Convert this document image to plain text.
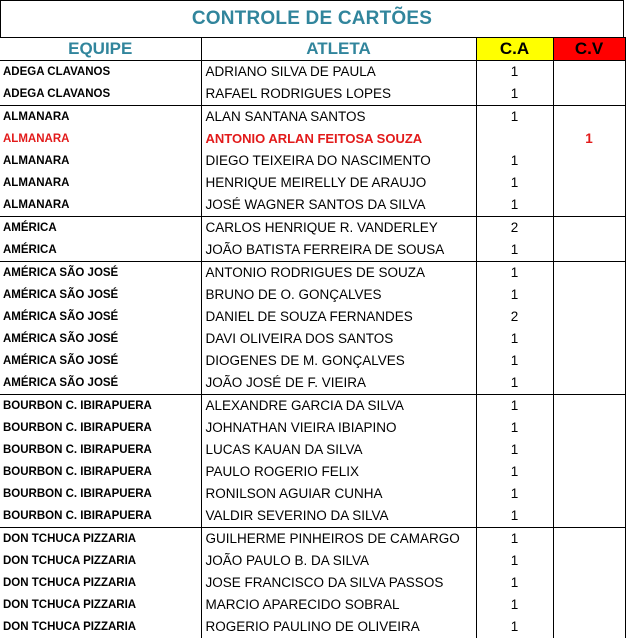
CONTROLE DE CARTÕES
EQUIPE	ATLETA	C.A	C.V
ADEGA CLAVANOS	ADRIANO SILVA DE PAULA	1	
ADEGA CLAVANOS	RAFAEL RODRIGUES LOPES	1	
ALMANARA	ALAN SANTANA SANTOS	1	
ALMANARA	ANTONIO ARLAN FEITOSA SOUZA		1
ALMANARA	DIEGO TEIXEIRA DO NASCIMENTO	1	
ALMANARA	HENRIQUE MEIRELLY DE ARAUJO	1	
ALMANARA	JOSÉ WAGNER SANTOS DA SILVA	1	
AMÉRICA	CARLOS HENRIQUE R. VANDERLEY	2	
AMÉRICA	JOÃO BATISTA FERREIRA DE SOUSA	1	
AMÉRICA SÃO JOSÉ	ANTONIO RODRIGUES DE SOUZA	1	
AMÉRICA SÃO JOSÉ	BRUNO DE O. GONÇALVES	1	
AMÉRICA SÃO JOSÉ	DANIEL DE SOUZA FERNANDES	2	
AMÉRICA SÃO JOSÉ	DAVI OLIVEIRA DOS SANTOS	1	
AMÉRICA SÃO JOSÉ	DIOGENES DE M. GONÇALVES	1	
AMÉRICA SÃO JOSÉ	JOÃO JOSÉ DE F. VIEIRA	1	
BOURBON C. IBIRAPUERA	ALEXANDRE GARCIA DA SILVA	1	
BOURBON C. IBIRAPUERA	JOHNATHAN VIEIRA IBIAPINO	1	
BOURBON C. IBIRAPUERA	LUCAS KAUAN DA SILVA	1	
BOURBON C. IBIRAPUERA	PAULO ROGERIO FELIX	1	
BOURBON C. IBIRAPUERA	RONILSON AGUIAR CUNHA	1	
BOURBON C. IBIRAPUERA	VALDIR SEVERINO DA SILVA	1	
DON TCHUCA PIZZARIA	GUILHERME PINHEIROS DE CAMARGO	1	
DON TCHUCA PIZZARIA	JOÃO PAULO B. DA SILVA	1	
DON TCHUCA PIZZARIA	JOSE FRANCISCO DA SILVA PASSOS	1	
DON TCHUCA PIZZARIA	MARCIO APARECIDO SOBRAL	1	
DON TCHUCA PIZZARIA	ROGERIO PAULINO DE OLIVEIRA	1	
